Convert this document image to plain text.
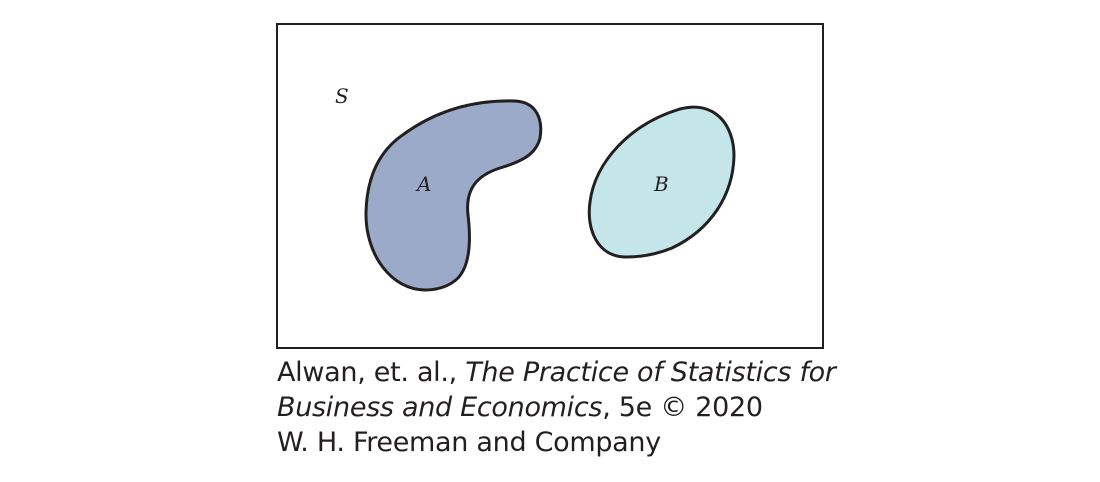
S
A	B
Alwan, et. al., The Practice of Statistics for
Business and Economics, 5e © 2020
W. H. Freeman and Company
